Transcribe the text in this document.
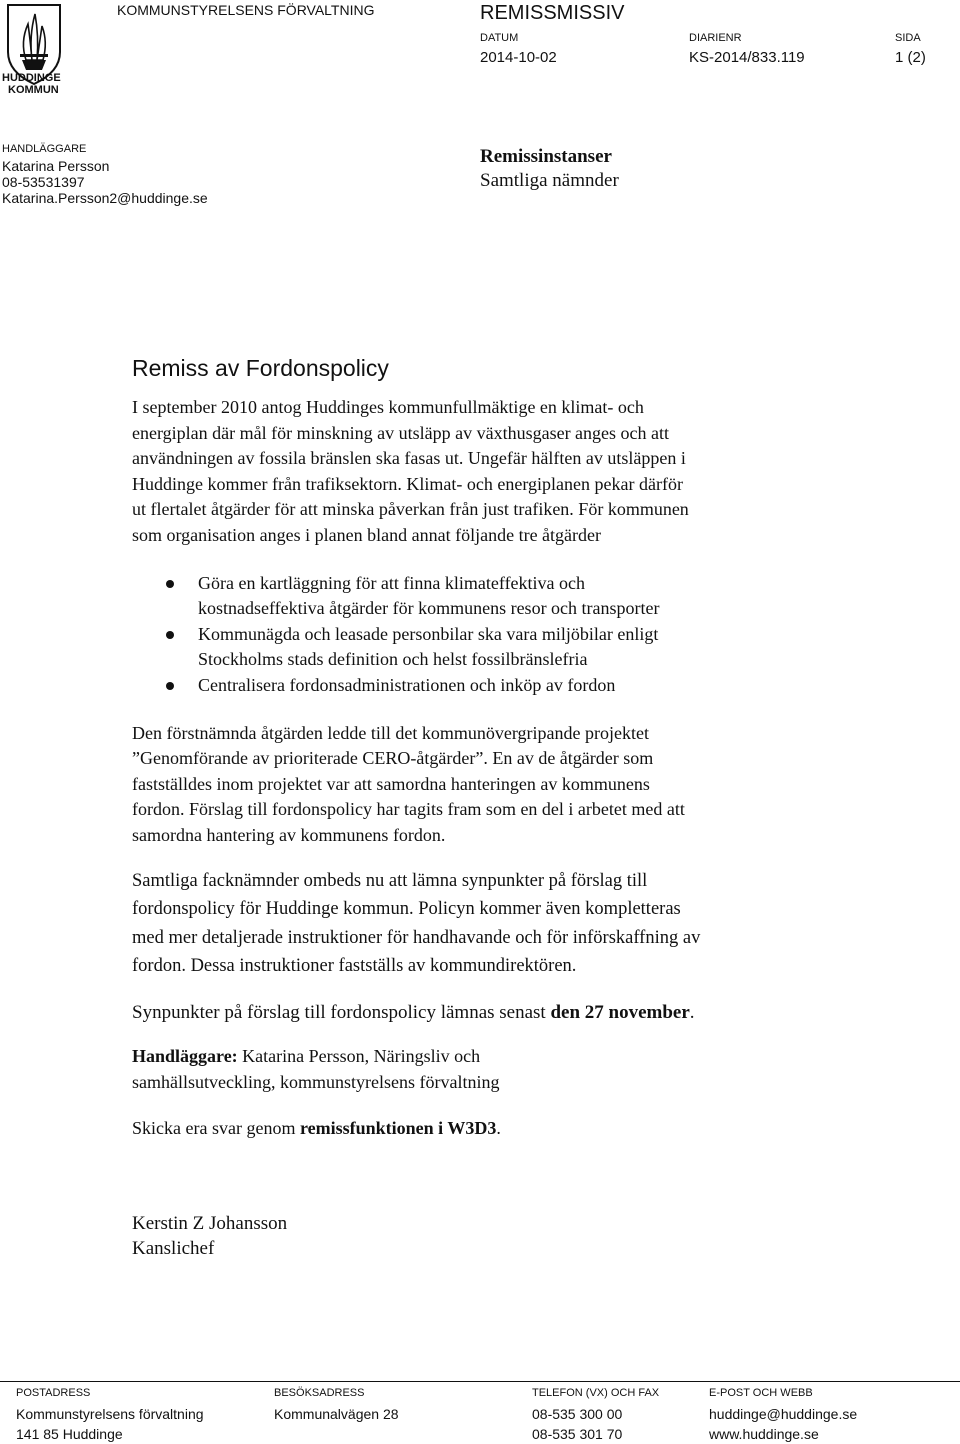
HUDDINGE
KOMMUN
KOMMUNSTYRELSENS FÖRVALTNING	REMISSMISSIV
DATUM
2014-10-02
DIARIENR
KS-2014/833.119
SIDA
1 (2)
HANDLÄGGARE
Katarina Persson
08-53531397
Katarina.Persson2@huddinge.se
Remissinstanser
Samtliga nämnder
Remiss av Fordonspolicy
I september 2010 antog Huddinges kommunfullmäktige en klimat- och
energiplan där mål för minskning av utsläpp av växthusgaser anges och att
användningen av fossila bränslen ska fasas ut. Ungefär hälften av utsläppen i
Huddinge kommer från trafiksektorn. Klimat- och energiplanen pekar därför
ut flertalet åtgärder för att minska påverkan från just trafiken. För kommunen
som organisation anges i planen bland annat följande tre åtgärder
Göra en kartläggning för att finna klimateffektiva och
kostnadseffektiva åtgärder för kommunens resor och transporter
Kommunägda och leasade personbilar ska vara miljöbilar enligt
Stockholms stads definition och helst fossilbränslefria
Centralisera fordonsadministrationen och inköp av fordon
Den förstnämnda åtgärden ledde till det kommunövergripande projektet
”Genomförande av prioriterade CERO-åtgärder”. En av de åtgärder som
fastställdes inom projektet var att samordna hanteringen av kommunens
fordon. Förslag till fordonspolicy har tagits fram som en del i arbetet med att
samordna hantering av kommunens fordon.
Samtliga facknämnder ombeds nu att lämna synpunkter på förslag till
fordonspolicy för Huddinge kommun. Policyn kommer även kompletteras
med mer detaljerade instruktioner för handhavande och för införskaffning av
fordon. Dessa instruktioner fastställs av kommundirektören.
Synpunkter på förslag till fordonspolicy lämnas senast den 27 november.
Handläggare: Katarina Persson, Näringsliv och
samhällsutveckling, kommunstyrelsens förvaltning
Skicka era svar genom remissfunktionen i W3D3.
Kerstin Z Johansson
Kanslichef
POSTADRESS
Kommunstyrelsens förvaltning
141 85 Huddinge
BESÖKSADRESS
Kommunalvägen 28
TELEFON (VX) OCH FAX
08-535 300 00
08-535 301 70
E-POST OCH WEBB
huddinge@huddinge.se
www.huddinge.se
